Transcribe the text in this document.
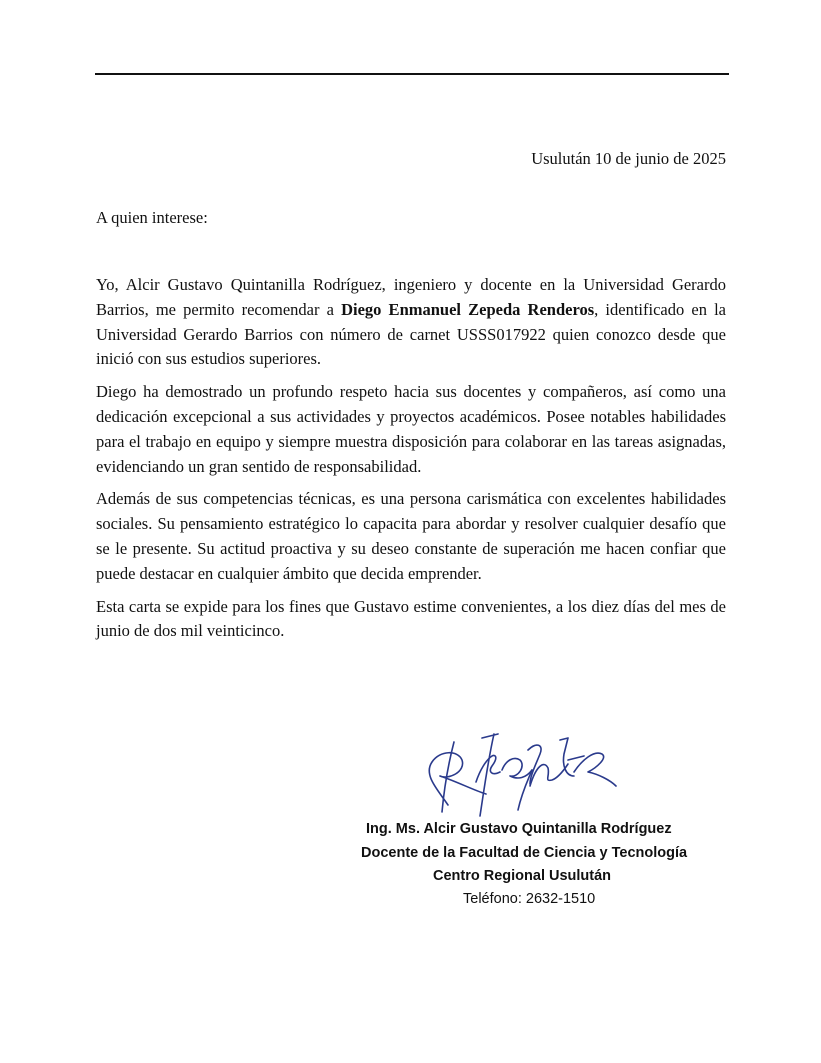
Usulután 10 de junio de 2025
A quien interese:

Yo, Alcir Gustavo Quintanilla Rodríguez, ingeniero y docente en la Universidad Gerardo Barrios, me permito recomendar a Diego Enmanuel Zepeda Renderos, identificado en la Universidad Gerardo Barrios con número de carnet USSS017922 quien conozco desde que inició con sus estudios superiores.

Diego ha demostrado un profundo respeto hacia sus docentes y compañeros, así como una dedicación excepcional a sus actividades y proyectos académicos. Posee notables habilidades para el trabajo en equipo y siempre muestra disposición para colaborar en las tareas asignadas, evidenciando un gran sentido de responsabilidad.

Además de sus competencias técnicas, es una persona carismática con excelentes habilidades sociales. Su pensamiento estratégico lo capacita para abordar y resolver cualquier desafío que se le presente. Su actitud proactiva y su deseo constante de superación me hacen confiar que puede destacar en cualquier ámbito que decida emprender.

Esta carta se expide para los fines que Gustavo estime convenientes, a los diez días del mes de junio de dos mil veinticinco.

Ing. Ms. Alcir Gustavo Quintanilla Rodríguez
Docente de la Facultad de Ciencia y Tecnología
Centro Regional Usulután
Teléfono: 2632-1510
